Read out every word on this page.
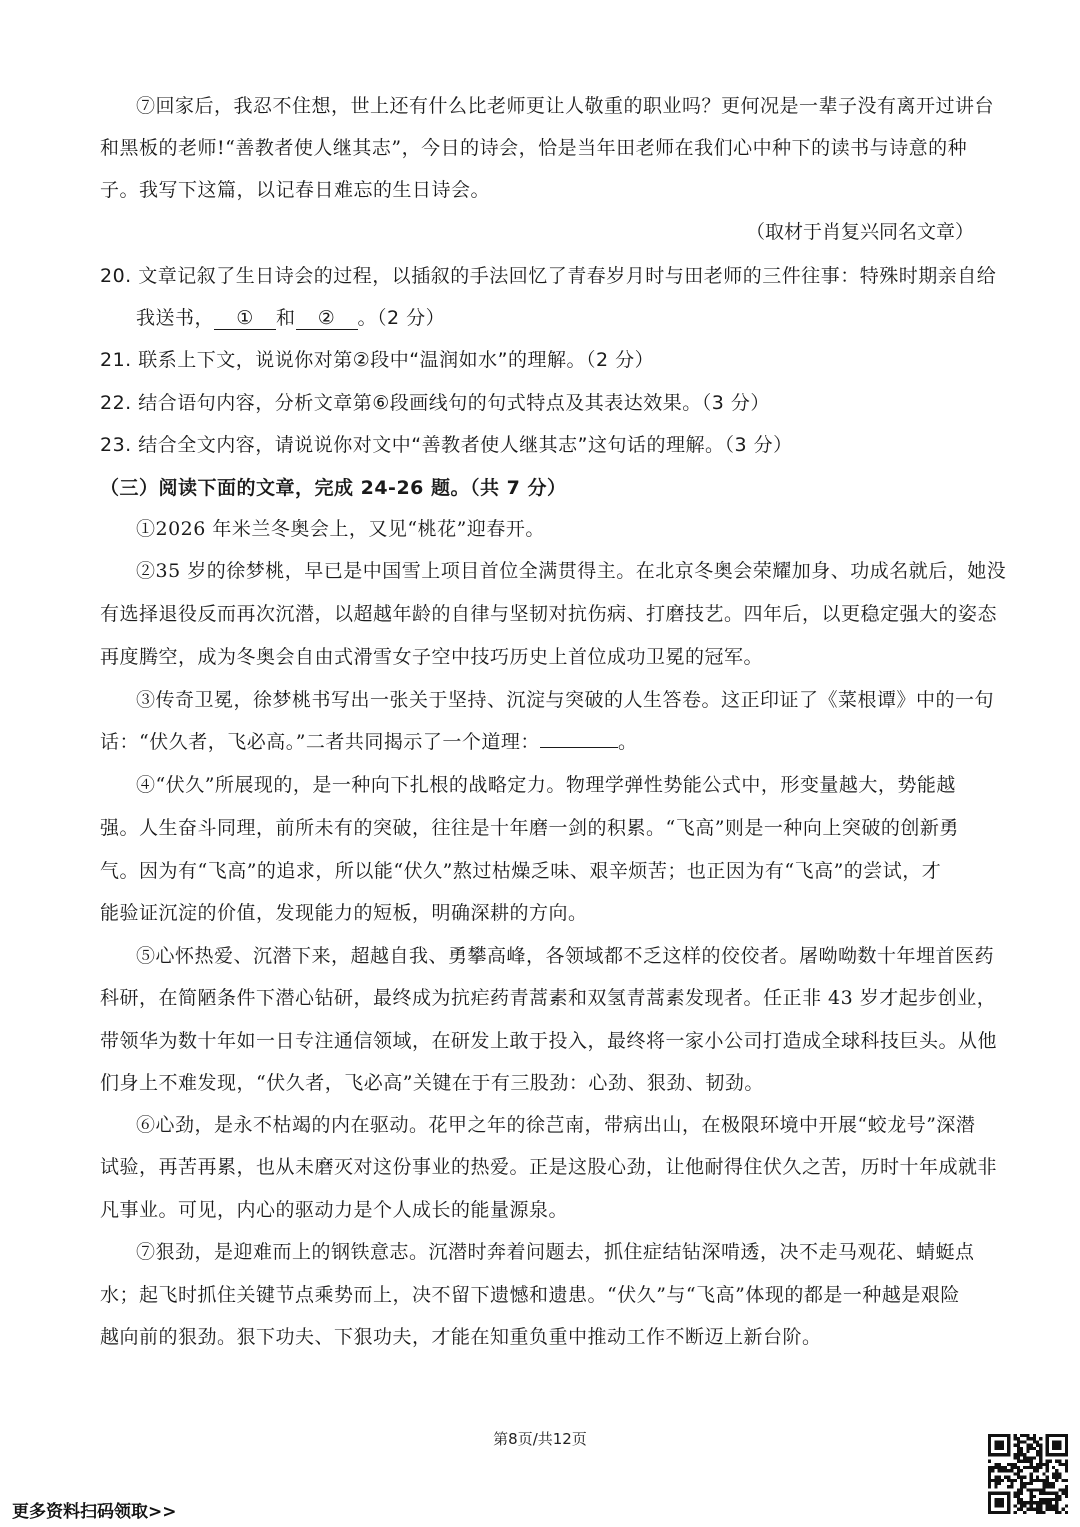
⑦回家后，我忍不住想，世上还有什么比老师更让人敬重的职业吗？更何况是一辈子没有离开过讲台
和黑板的老师!“善教者使人继其志”，今日的诗会，恰是当年田老师在我们心中种下的读书与诗意的种
子。我写下这篇，以记春日难忘的生日诗会。
（取材于肖复兴同名文章）
20. 文章记叙了生日诗会的过程，以插叙的手法回忆了青春岁月时与田老师的三件往事：特殊时期亲自给
我送书， ① 和 ② 。（2 分）
21. 联系上下文，说说你对第②段中“温润如水”的理解。（2 分）
22. 结合语句内容，分析文章第⑥段画线句的句式特点及其表达效果。（3 分）
23. 结合全文内容，请说说你对文中“善教者使人继其志”这句话的理解。（3 分）
（三）阅读下面的文章，完成 24-26 题。（共 7 分）
①2026 年米兰冬奥会上，又见“桃花”迎春开。
②35 岁的徐梦桃，早已是中国雪上项目首位全满贯得主。在北京冬奥会荣耀加身、功成名就后，她没
有选择退役反而再次沉潜，以超越年龄的自律与坚韧对抗伤病、打磨技艺。四年后，以更稳定强大的姿态
再度腾空，成为冬奥会自由式滑雪女子空中技巧历史上首位成功卫冕的冠军。
③传奇卫冕，徐梦桃书写出一张关于坚持、沉淀与突破的人生答卷。这正印证了《菜根谭》中的一句
话：“伏久者，飞必高。”二者共同揭示了一个道理：	。
④“伏久”所展现的，是一种向下扎根的战略定力。物理学弹性势能公式中，形变量越大，势能越
强。人生奋斗同理，前所未有的突破，往往是十年磨一剑的积累。“飞高”则是一种向上突破的创新勇
气。因为有“飞高”的追求，所以能“伏久”熬过枯燥乏味、艰辛烦苦；也正因为有“飞高”的尝试，才
能验证沉淀的价值，发现能力的短板，明确深耕的方向。
⑤心怀热爱、沉潜下来，超越自我、勇攀高峰，各领域都不乏这样的佼佼者。屠呦呦数十年埋首医药
科研，在简陋条件下潜心钻研，最终成为抗疟药青蒿素和双氢青蒿素发现者。任正非 43 岁才起步创业，
带领华为数十年如一日专注通信领域，在研发上敢于投入，最终将一家小公司打造成全球科技巨头。从他
们身上不难发现，“伏久者，飞必高”关键在于有三股劲：心劲、狠劲、韧劲。
⑥心劲，是永不枯竭的内在驱动。花甲之年的徐芑南，带病出山，在极限环境中开展“蛟龙号”深潜
试验，再苦再累，也从未磨灭对这份事业的热爱。正是这股心劲，让他耐得住伏久之苦，历时十年成就非
凡事业。可见，内心的驱动力是个人成长的能量源泉。
⑦狠劲，是迎难而上的钢铁意志。沉潜时奔着问题去，抓住症结钻深啃透，决不走马观花、蜻蜓点
水；起飞时抓住关键节点乘势而上，决不留下遗憾和遗患。“伏久”与“飞高”体现的都是一种越是艰险
越向前的狠劲。狠下功夫、下狠功夫，才能在知重负重中推动工作不断迈上新台阶。
第8页/共12页
更多资料扫码领取>>
